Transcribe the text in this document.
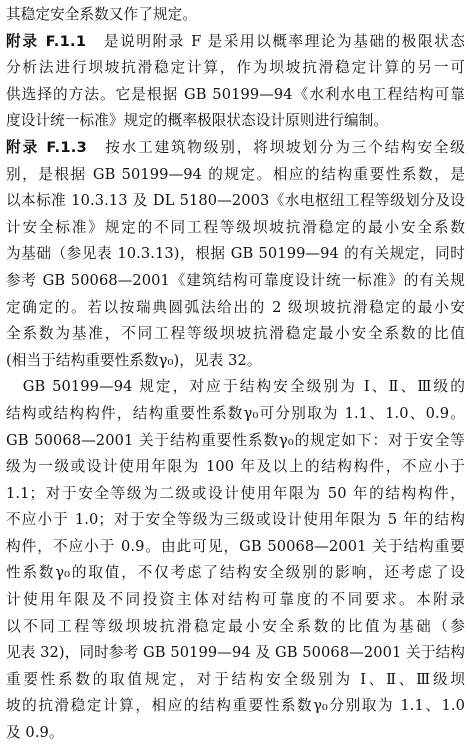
其稳定安全系数又作了规定。
附录 F.1.1　 是说明附录 F 是采用以概率理论为基础的极限状态
分析法进行坝坡抗滑稳定计算，作为坝坡抗滑稳定计算的另一可
供选择的方法。它是根据 GB 50199—94《水利水电工程结构可靠
度设计统一标准》规定的概率极限状态设计原则进行编制。
附录 F.1.3　 按水工建筑物级别，将坝坡划分为三个结构安全级
别，是根据 GB 50199—94 的规定。相应的结构重要性系数，是
以本标准 10.3.13 及 DL 5180—2003《水电枢纽工程等级划分及设
计安全标准》规定的不同工程等级坝坡抗滑稳定的最小安全系数
为基础（参见表 10.3.13)，根据 GB 50199—94 的有关规定，同时
参考 GB 50068—2001《建筑结构可靠度设计统一标准》的有关规
定确定的。若以按瑞典圆弧法给出的 2 级坝坡抗滑稳定的最小安
全系数为基准，不同工程等级坝坡抗滑稳定最小安全系数的比值
(相当于结构重要性系数γ₀)，见表 32。
　GB 50199—94 规定，对应于结构安全级别为 Ⅰ、Ⅱ、Ⅲ级的
结构或结构构件，结构重要性系数γ₀可分别取为 1.1、1.0、0.9。
GB 50068—2001 关于结构重要性系数γ₀的规定如下：对于安全等
级为一级或设计使用年限为 100 年及以上的结构构件，不应小于
1.1；对于安全等级为二级或设计使用年限为 50 年的结构构件，
不应小于 1.0；对于安全等级为三级或设计使用年限为 5 年的结构
构件，不应小于 0.9。由此可见，GB 50068—2001 关于结构重要
性系数γ₀的取值，不仅考虑了结构安全级别的影响，还考虑了设
计使用年限及不同投资主体对结构可靠度的不同要求。本附录
以不同工程等级坝坡抗滑稳定最小安全系数的比值为基础（参
见表 32)，同时参考 GB 50199—94 及 GB 50068—2001 关于结构
重要性系数的取值规定，对于结构安全级别为 Ⅰ、Ⅱ、Ⅲ级坝
坡的抗滑稳定计算，相应的结构重要性系数γ₀分别取为 1.1、1.0
及 0.9。
